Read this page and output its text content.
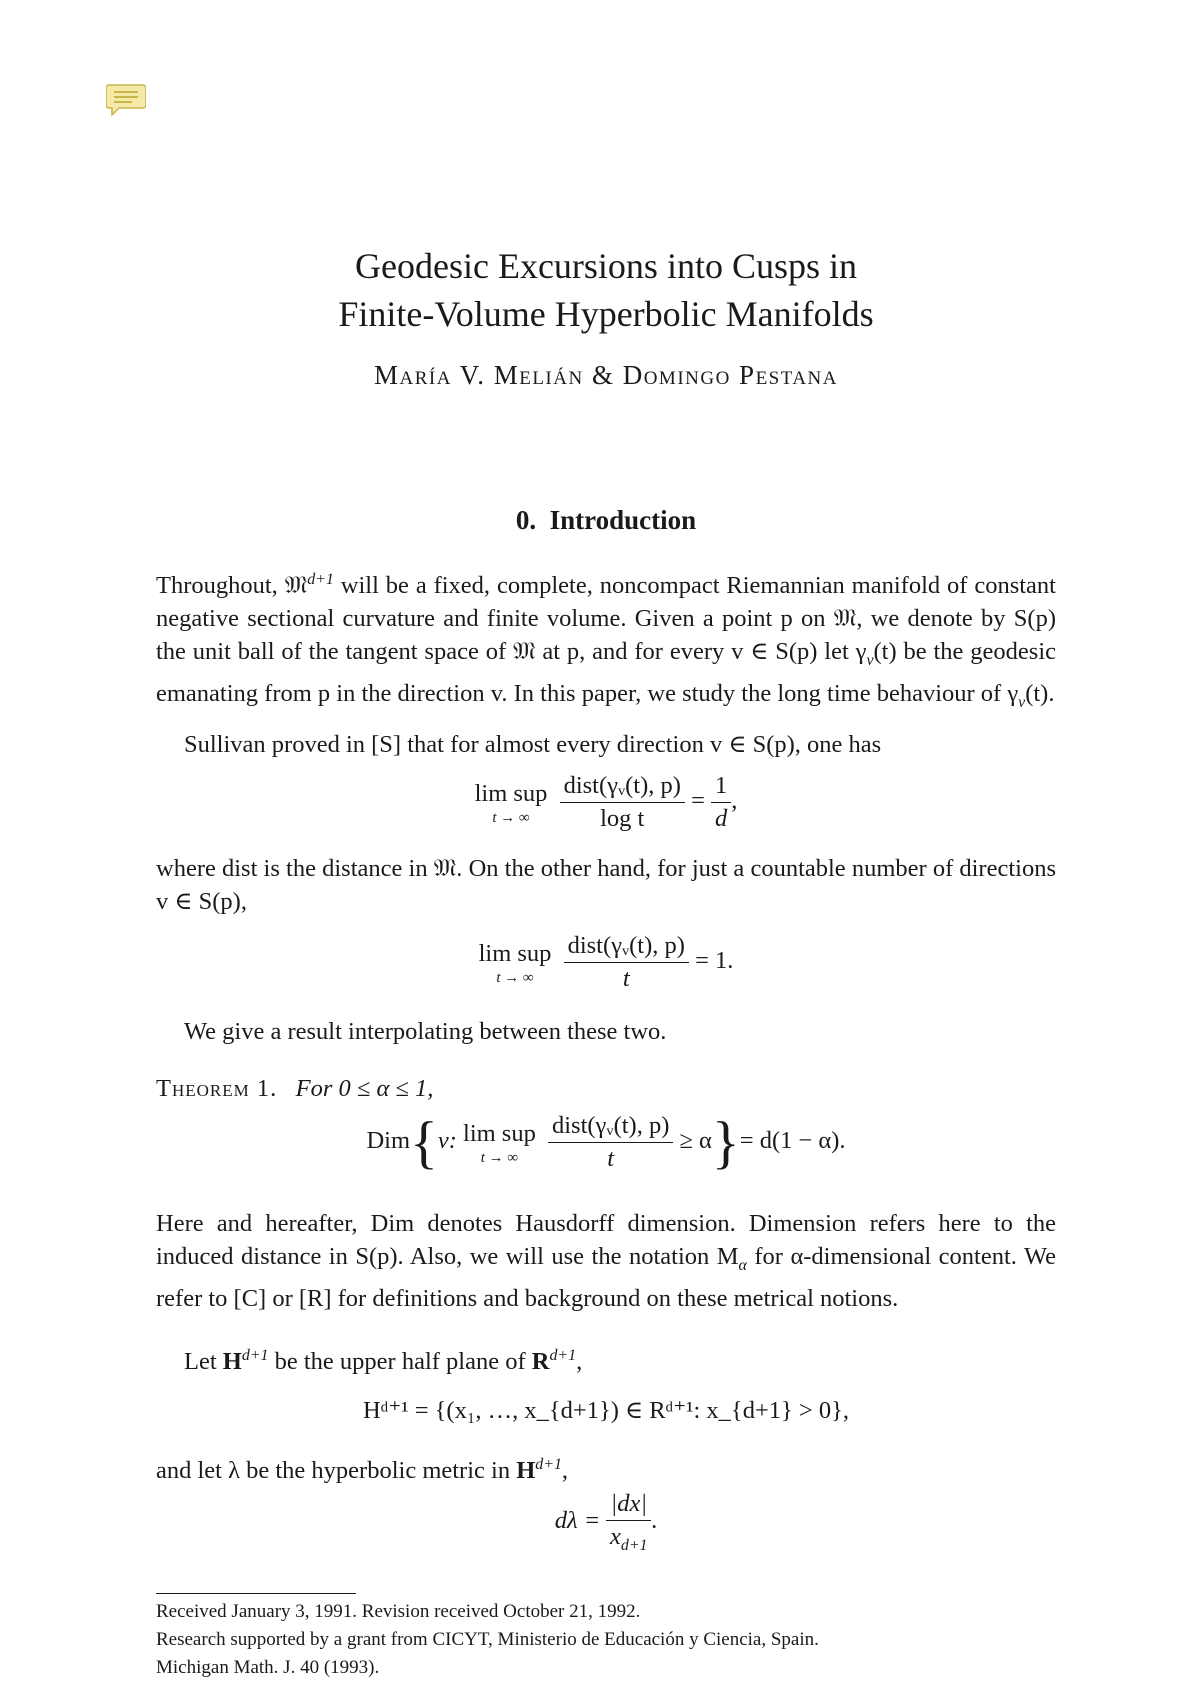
Geodesic Excursions into Cusps in
Finite-Volume Hyperbolic Manifolds
María V. Melián & Domingo Pestana
0. Introduction
Throughout, 𝔐$^{d+1}$ will be a fixed, complete, noncompact Riemannian manifold of constant negative sectional curvature and finite volume. Given a point p on 𝔐, we denote by S(p) the unit ball of the tangent space of 𝔐 at p, and for every v ∈ S(p) let $\gamma_v(t)$ be the geodesic emanating from p in the direction v. In this paper, we study the long time behaviour of $\gamma_v(t)$.
Sullivan proved in [S] that for almost every direction v ∈ S(p), one has
lim sup
t → ∞
	$\frac{\text{dist(γᵥ(t), p)}}{\text{log t}} = \frac{1}{d}$ ,
where dist is the distance in 𝔐. On the other hand, for just a countable number of directions v ∈ S(p),
lim sup
t → ∞
	$\frac{\text{dist(γᵥ(t), p)}}{t} = 1$.
We give a result interpolating between these two.
Theorem 1. For 0 ≤ α ≤ 1,
Dim{v: lim sup
t → ∞
	$\frac{\text{dist(γᵥ(t), p)}}{t} \ge \alpha\}= d(1 - \alpha)$.
Here and hereafter, Dim denotes Hausdorff dimension. Dimension refers here to the induced distance in S(p). Also, we will use the notation $M_\alpha$ for α-dimensional content. We refer to [C] or [R] for definitions and background on these metrical notions.
Let $H^{d+1}$ be the upper half plane of $R^{d+1}$,
Hᵈ⁺¹ = {(x₁, …, x_{d+1}) ∈ Rᵈ⁺¹: x_{d+1} > 0},
and let λ be the hyperbolic metric in $H^{d+1}$,
$d\lambda = \frac{|dx|}{x_{d+1}}$ .
Received January 3, 1991. Revision received October 21, 1992.
Research supported by a grant from CICYT, Ministerio de Educación y Ciencia, Spain.
Michigan Math. J. 40 (1993).
